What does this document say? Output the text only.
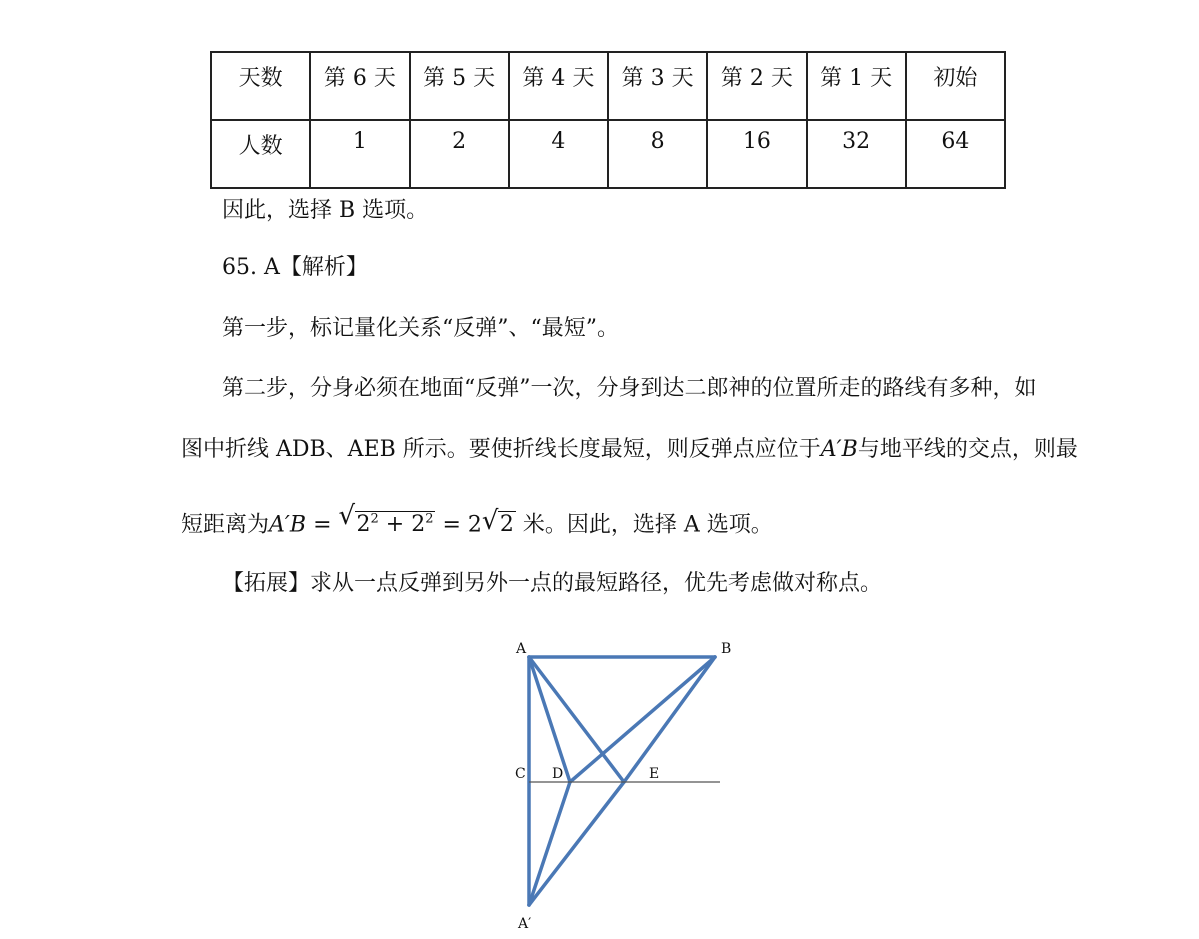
天数	第 6 天	第 5 天	第 4 天	第 3 天	第 2 天	第 1 天	初始
人数	1	2	4	8	16	32	64
因此，选择 B 选项。
65. A【解析】
第一步，标记量化关系“反弹”、“最短”。
第二步，分身必须在地面“反弹”一次，分身到达二郎神的位置所走的路线有多种，如
图中折线 ADB、AEB 所示。要使折线长度最短，则反弹点应位于A′B与地平线的交点，则最
短距离为A′B = √ $2^2 + 2^2 = 2$ √ 2 米。因此，选择 A 选项。
【拓展】求从一点反弹到另外一点的最短路径，优先考虑做对称点。
A	B
C D	E
A′
